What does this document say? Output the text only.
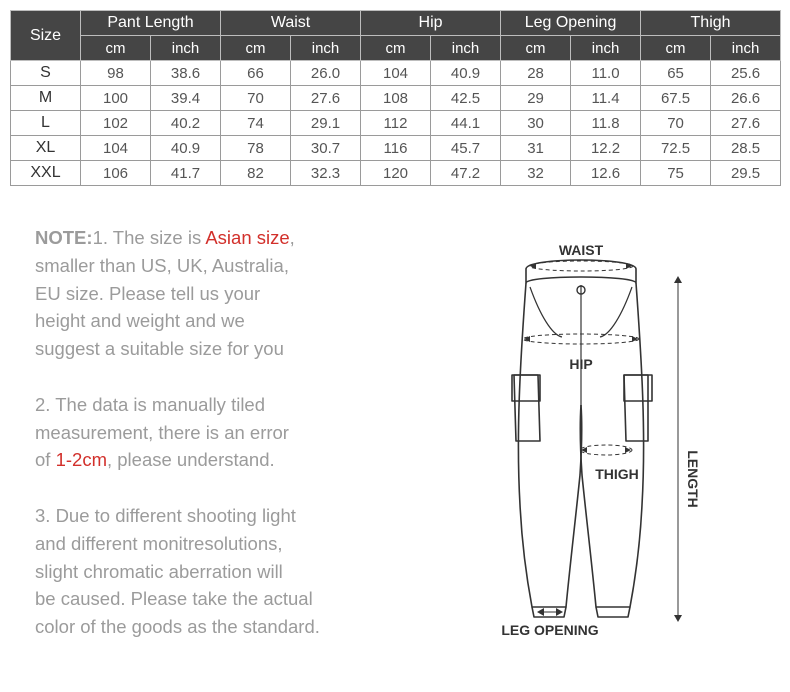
Size	Pant Length		Waist		Hip		Leg Opening		Thigh	
	cm	inch	cm	inch	cm	inch	cm	inch	cm	inch
S	98	38.6	66	26.0	104	40.9	28	11.0	65	25.6
M	100	39.4	70	27.6	108	42.5	29	11.4	67.5	26.6
L	102	40.2	74	29.1	112	44.1	30	11.8	70	27.6
XL	104	40.9	78	30.7	116	45.7	31	12.2	72.5	28.5
XXL	106	41.7	82	32.3	120	47.2	32	12.6	75	29.5

NOTE:1. The size is Asian size,
smaller than US, UK, Australia,
EU size. Please tell us your
height and weight and we
suggest a suitable size for you

2. The data is manually tiled
measurement, there is an error
of 1-2cm, please understand.

3. Due to different shooting light
and different monitresolutions,
slight chromatic aberration will
be caused. Please take the actual
color of the goods as the standard.

WAIST
HIP
THIGH
LEG OPENING
LENGTH
